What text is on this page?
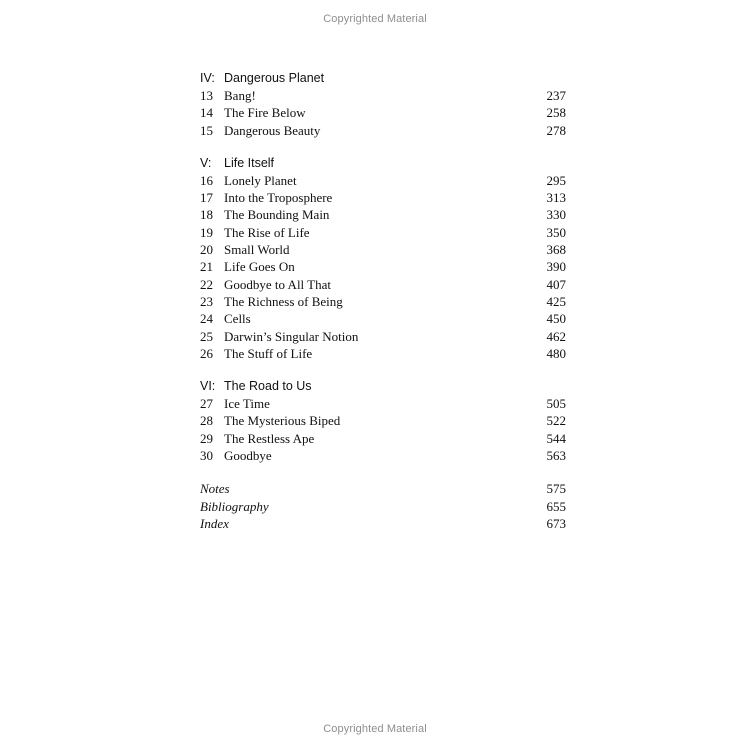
Copyrighted Material
IV: Dangerous Planet
13 Bang!	237
14 The Fire Below	258
15 Dangerous Beauty	278
V:	Life Itself
16 Lonely Planet	295
17 Into the Troposphere	313
18 The Bounding Main	330
19 The Rise of Life	350
20 Small World	368
21 Life Goes On	390
22 Goodbye to All That	407
23 The Richness of Being	425
24 Cells	450
25 Darwin’s Singular Notion	462
26 The Stuff of Life	480
VI: The Road to Us
27 Ice Time	505
28 The Mysterious Biped	522
29 The Restless Ape	544
30 Goodbye	563
Notes	575
Bibliography	655
Index	673
Copyrighted Material
